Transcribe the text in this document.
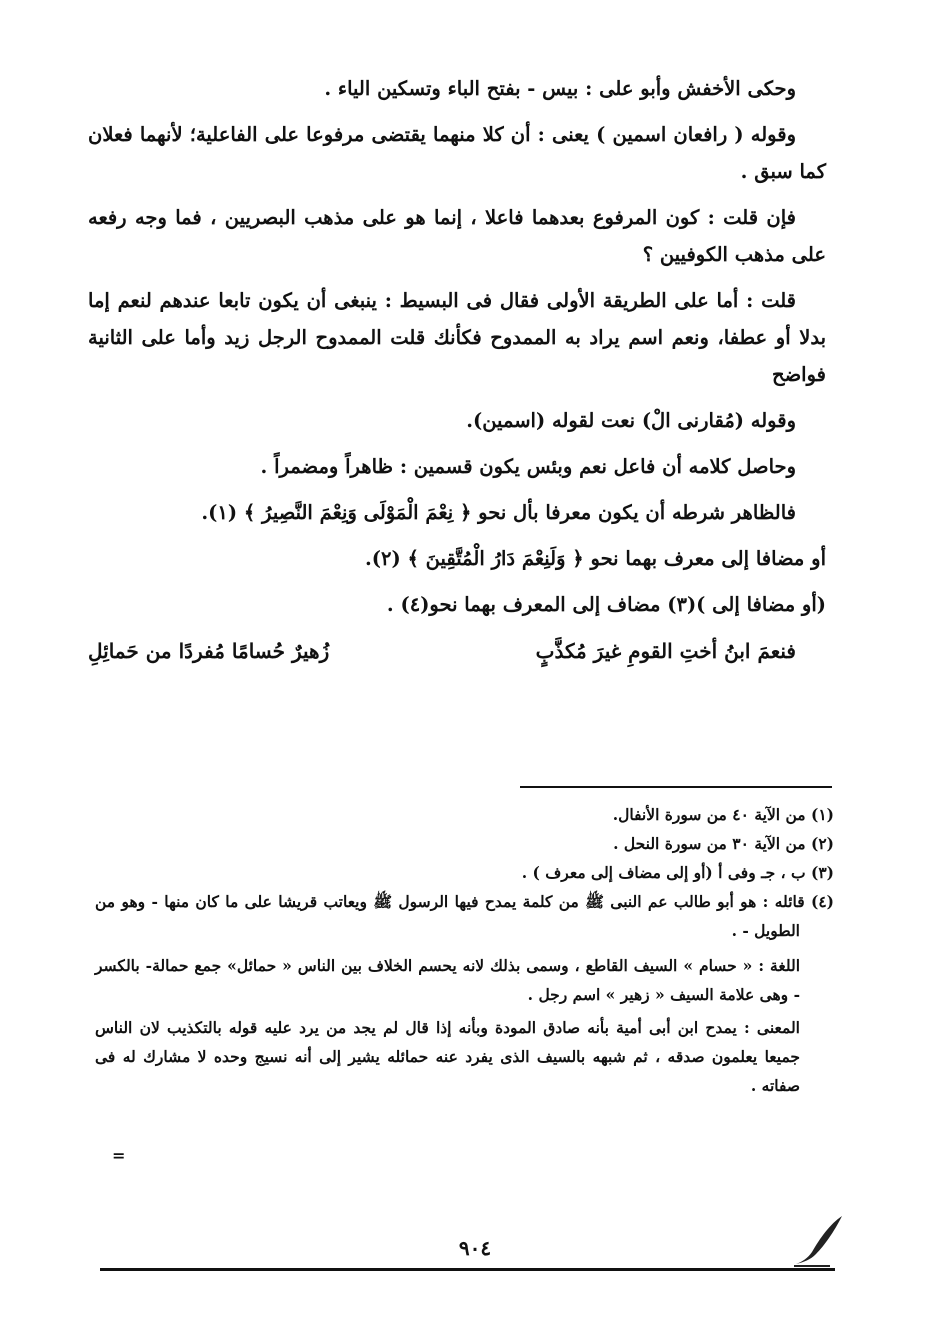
وحكى الأخفش وأبو على : بيس - بفتح الباء وتسكين الياء .

وقوله ( رافعان اسمين ) يعنى : أن كلا منهما يقتضى مرفوعا على الفاعلية؛ لأنهما فعلان كما سبق .

فإن قلت : كون المرفوع بعدهما فاعلا ، إنما هو على مذهب البصريين ، فما وجه رفعه على مذهب الكوفيين ؟

قلت : أما على الطريقة الأولى فقال فى البسيط : ينبغى أن يكون تابعا عندهم لنعم إما بدلا أو عطفا، ونعم اسم يراد به الممدوح فكأنك قلت الممدوح الرجل زيد وأما على الثانية فواضح

وقوله (مُقارنى الْ) نعت لقوله (اسمين).

وحاصل كلامه أن فاعل نعم وبئس يكون قسمين : ظاهراً ومضمراً .

فالظاهر شرطه أن يكون معرفا بأل نحو ﴿ نِعْمَ الْمَوْلَى وَنِعْمَ النَّصِيرُ ﴾ (١).

أو مضافا إلى معرف بهما نحو ﴿ وَلَنِعْمَ دَارُ الْمُتَّقِينَ ﴾ (٢).

(أو مضافا إلى )(٣) مضاف إلى المعرف بهما نحو(٤) .

فنعمَ ابنُ أختِ القومِ غيرَ مُكذَّبٍ
زُهيرٌ حُسامًا مُفردًا من حَمائِلِ

(١) من الآية ٤٠ من سورة الأنفال.

(٢) من الآية ٣٠ من سورة النحل .

(٣) ب ، جـ وفى أ (أو إلى مضاف إلى معرف ) .

(٤) قائله : هو أبو طالب عم النبى ﷺ من كلمة يمدح فيها الرسول ﷺ ويعاتب قريشا على ما كان منها - وهو من الطويل - .

اللغة : « حسام » السيف القاطع ، وسمى بذلك لانه يحسم الخلاف بين الناس « حمائل» جمع حمالة- بالكسر - وهى علامة السيف « زهير » اسم رجل .

المعنى : يمدح ابن أبى أمية بأنه صادق المودة وبأنه إذا قال لم يجد من يرد عليه قوله بالتكذيب لان الناس جميعا يعلمون صدقه ، ثم شبهه بالسيف الذى يفرد عنه حمائله يشير إلى أنه نسيج وحده لا مشارك له فى صفاته .

=
٩٠٤
